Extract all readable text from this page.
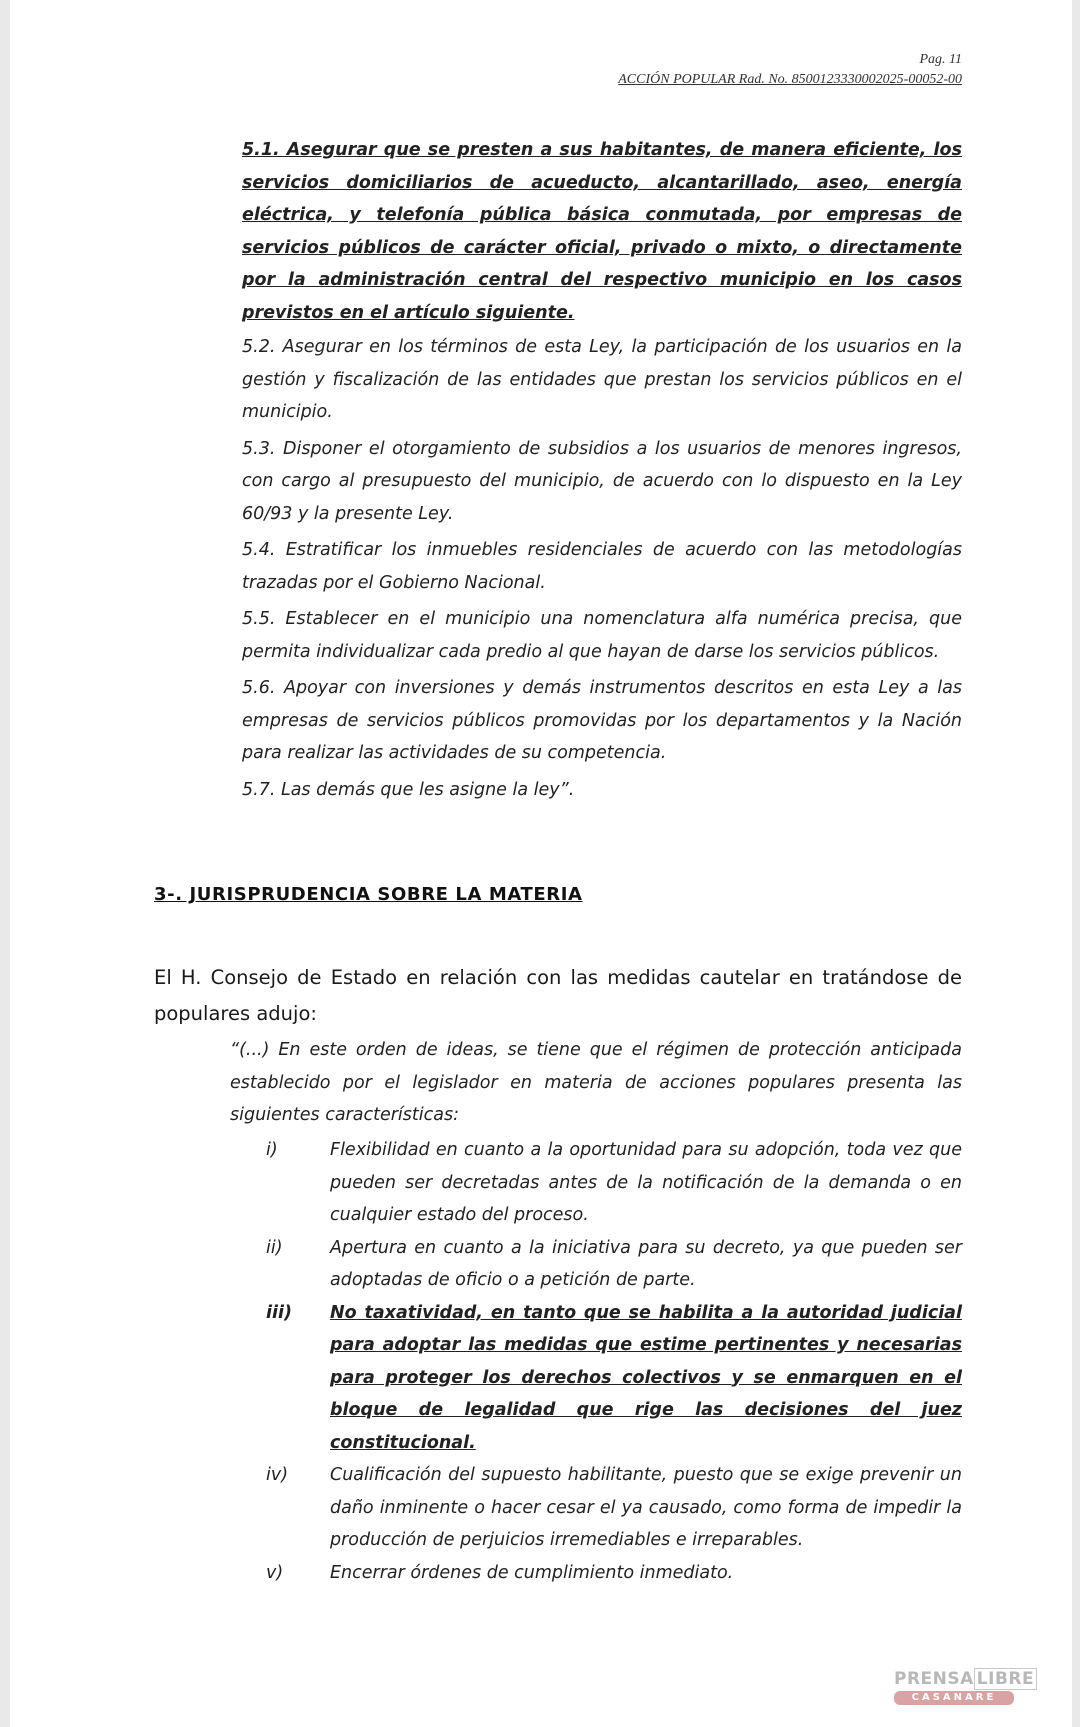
Pag. 11
ACCIÓN POPULAR Rad. No. 8500123330002025-00052-00

5.1. Asegurar que se presten a sus habitantes, de manera eficiente, los servicios domiciliarios de acueducto, alcantarillado, aseo, energía eléctrica, y telefonía pública básica conmutada, por empresas de servicios públicos de carácter oficial, privado o mixto, o directamente por la administración central del respectivo municipio en los casos previstos en el artículo siguiente.

5.2. Asegurar en los términos de esta Ley, la participación de los usuarios en la gestión y fiscalización de las entidades que prestan los servicios públicos en el municipio.

5.3. Disponer el otorgamiento de subsidios a los usuarios de menores ingresos, con cargo al presupuesto del municipio, de acuerdo con lo dispuesto en la Ley 60/93 y la presente Ley.

5.4. Estratificar los inmuebles residenciales de acuerdo con las metodologías trazadas por el Gobierno Nacional.

5.5. Establecer en el municipio una nomenclatura alfa numérica precisa, que permita individualizar cada predio al que hayan de darse los servicios públicos.

5.6. Apoyar con inversiones y demás instrumentos descritos en esta Ley a las empresas de servicios públicos promovidas por los departamentos y la Nación para realizar las actividades de su competencia.

5.7. Las demás que les asigne la ley”.

3-. JURISPRUDENCIA SOBRE LA MATERIA
El H. Consejo de Estado en relación con las medidas cautelar en tratándose de populares adujo:
“(...) En este orden de ideas, se tiene que el régimen de protección anticipada establecido por el legislador en materia de acciones populares presenta las siguientes características:
i)	Flexibilidad en cuanto a la oportunidad para su adopción, toda vez que pueden ser decretadas antes de la notificación de la demanda o en cualquier estado del proceso.
ii)	Apertura en cuanto a la iniciativa para su decreto, ya que pueden ser adoptadas de oficio o a petición de parte.
iii)	No taxatividad, en tanto que se habilita a la autoridad judicial para adoptar las medidas que estime pertinentes y necesarias para proteger los derechos colectivos y se enmarquen en el bloque de legalidad que rige las decisiones del juez constitucional.
iv)	Cualificación del supuesto habilitante, puesto que se exige prevenir un daño inminente o hacer cesar el ya causado, como forma de impedir la producción de perjuicios irremediables e irreparables.
v)	Encerrar órdenes de cumplimiento inmediato.
PRENSA LIBRE
CASANARE
